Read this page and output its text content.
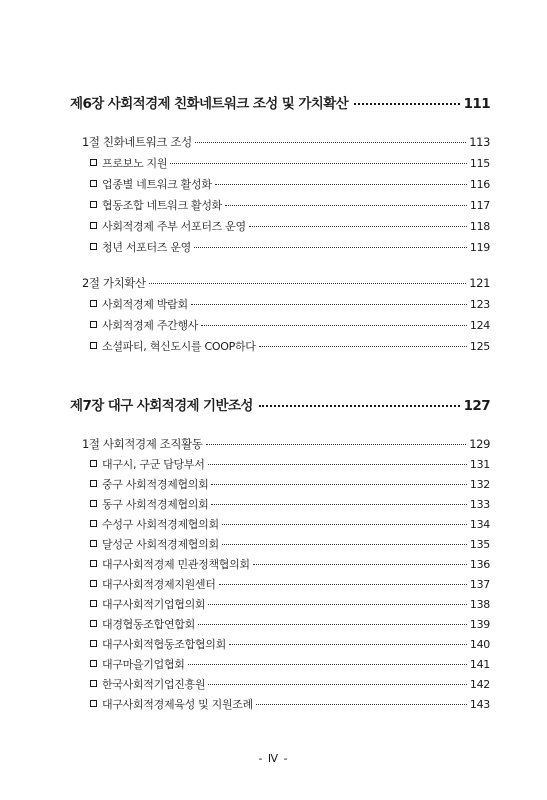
제6장 사회적경제 친화네트워크 조성 및 가치확산	111
1절 친화네트워크 조성	113
프로보노 지원	115
업종별 네트워크 활성화	116
협동조합 네트워크 활성화	117
사회적경제 주부 서포터즈 운영	118
청년 서포터즈 운영	119
2절 가치확산	121
사회적경제 박람회	123
사회적경제 주간행사	124
소셜파티, 혁신도시를 COOP하다	125
제7장 대구 사회적경제 기반조성	127
1절 사회적경제 조직활동	129
대구시, 구군 담당부서	131
중구 사회적경제협의회	132
동구 사회적경제협의회	133
수성구 사회적경제협의회	134
달성군 사회적경제협의회	135
대구사회적경제 민관정책협의회	136
대구사회적경제지원센터	137
대구사회적기업협의회	138
대경협동조합연합회	139
대구사회적협동조합협의회	140
대구마을기업협회	141
한국사회적기업진흥원	142
대구사회적경제육성 및 지원조례	143
- Ⅳ -
